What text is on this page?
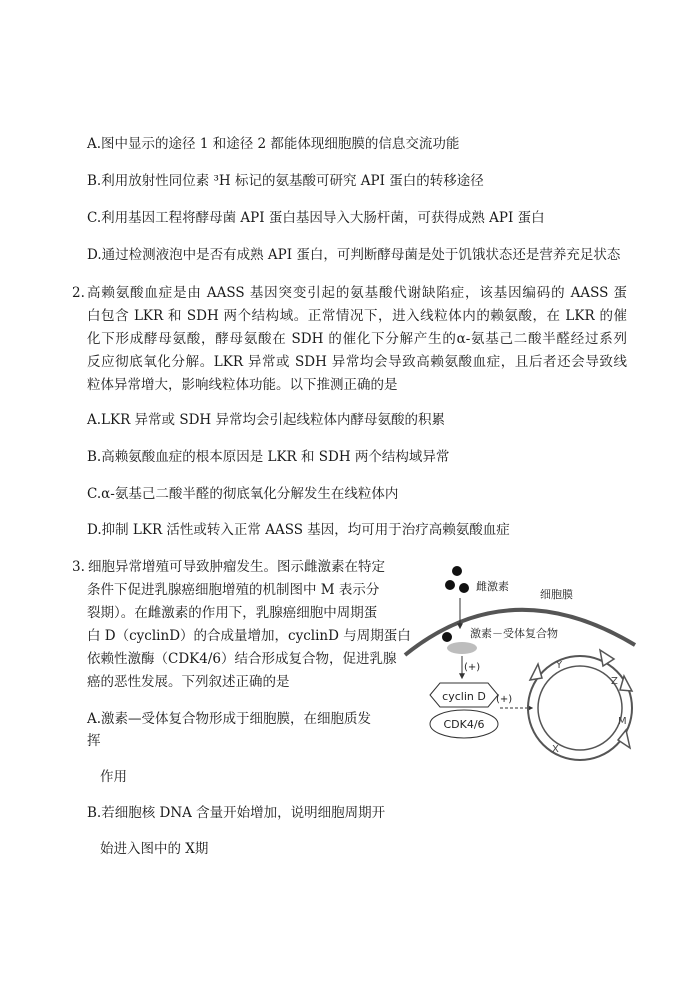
A.图中显示的途径 1 和途径 2 都能体现细胞膜的信息交流功能
B.利用放射性同位素 ³H 标记的氨基酸可研究 API 蛋白的转移途径
C.利用基因工程将酵母菌 API 蛋白基因导入大肠杆菌，可获得成熟 API 蛋白
D.通过检测液泡中是否有成熟 API 蛋白，可判断酵母菌是处于饥饿状态还是营养充足状态
2. 高赖氨酸血症是由 AASS 基因突变引起的氨基酸代谢缺陷症，该基因编码的 AASS 蛋
白包含 LKR 和 SDH 两个结构域。正常情况下，进入线粒体内的赖氨酸，在 LKR 的催
化下形成酵母氨酸，酵母氨酸在 SDH 的催化下分解产生的α-氨基己二酸半醛经过系列
反应彻底氧化分解。LKR 异常或 SDH 异常均会导致高赖氨酸血症，且后者还会导致线
粒体异常增大，影响线粒体功能。以下推测正确的是
A.LKR 异常或 SDH 异常均会引起线粒体内酵母氨酸的积累
B.高赖氨酸血症的根本原因是 LKR 和 SDH 两个结构域异常
C.α-氨基己二酸半醛的彻底氧化分解发生在线粒体内
D.抑制 LKR 活性或转入正常 AASS 基因，均可用于治疗高赖氨酸血症
3. 细胞异常增殖可导致肿瘤发生。图示雌激素在特定
条件下促进乳腺癌细胞增殖的机制图中 M 表示分
裂期）。在雌激素的作用下，乳腺癌细胞中周期蛋
白 D（cyclinD）的合成量增加，cyclinD 与周期蛋白
依赖性激酶（CDK4/6）结合形成复合物，促进乳腺
癌的恶性发展。下列叙述正确的是
A.激素—受体复合物形成于细胞膜，在细胞质发
挥
作用
B.若细胞核 DNA 含量开始增加，说明细胞周期开
始进入图中的 X期
雌激素
细胞膜
激素－受体复合物
(+)
cyclin D
CDK4/6
(+)
Y
Z
M
X
